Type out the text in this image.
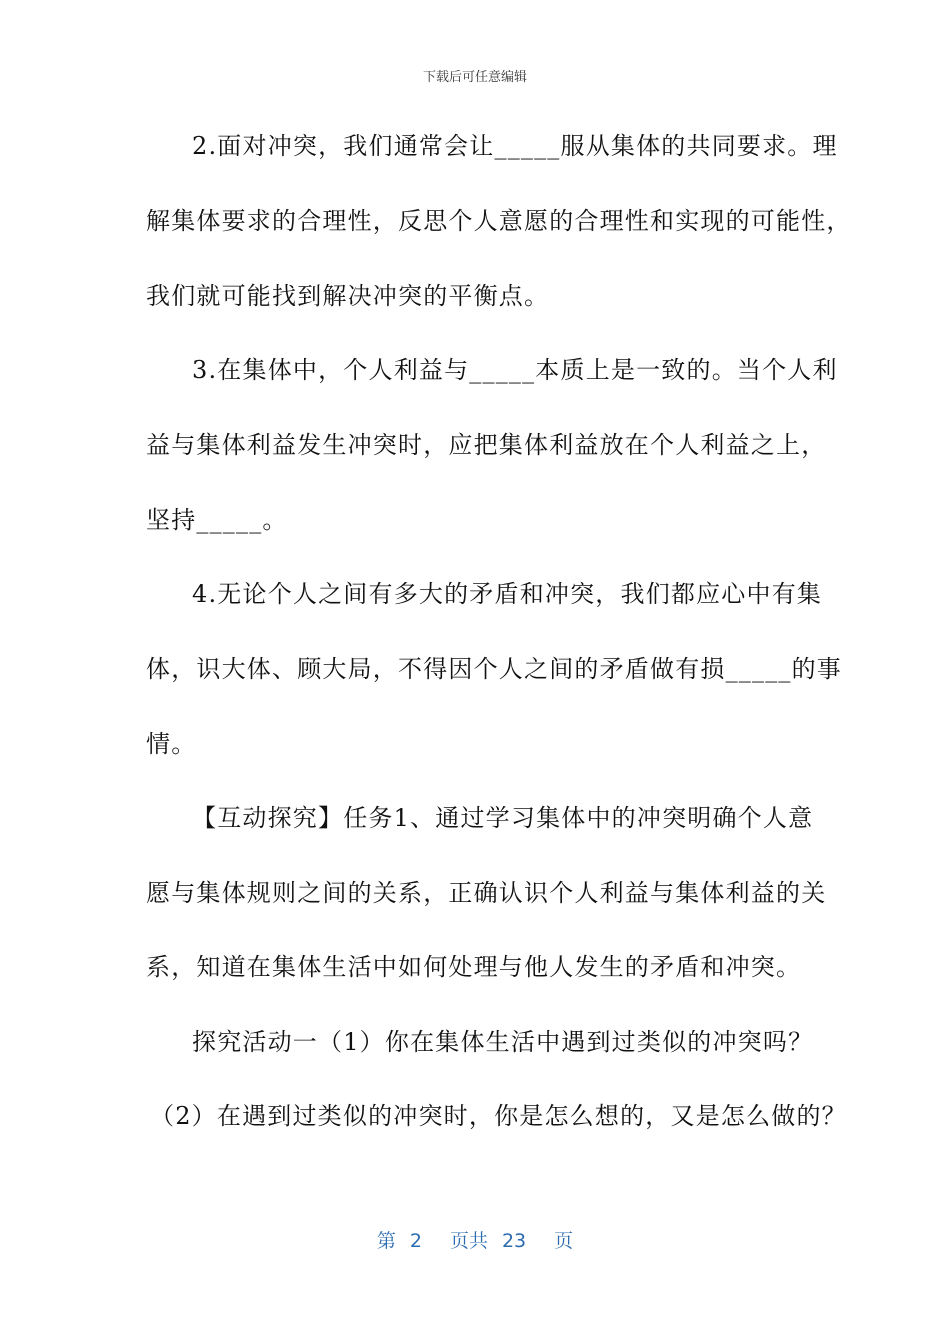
下载后可任意编辑
2.面对冲突，我们通常会让_____服从集体的共同要求。理
解集体要求的合理性，反思个人意愿的合理性和实现的可能性，
我们就可能找到解决冲突的平衡点。
3.在集体中，个人利益与_____本质上是一致的。当个人利
益与集体利益发生冲突时，应把集体利益放在个人利益之上，
坚持_____。
4.无论个人之间有多大的矛盾和冲突，我们都应心中有集
体，识大体、顾大局，不得因个人之间的矛盾做有损_____的事
情。
【互动探究】任务1、通过学习集体中的冲突明确个人意
愿与集体规则之间的关系，正确认识个人利益与集体利益的关
系，知道在集体生活中如何处理与他人发生的矛盾和冲突。
探究活动一（1）你在集体生活中遇到过类似的冲突吗？
（2）在遇到过类似的冲突时，你是怎么想的，又是怎么做的？
第 2 页共 23 页
